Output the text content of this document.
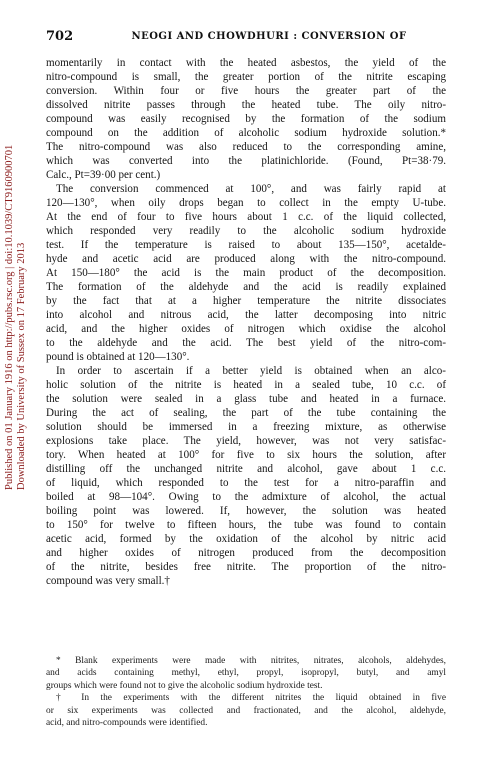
702	NEOGI AND CHOWDHURI : CONVERSION OF
Published on 01 January 1916 on http://pubs.rsc.org | doi:10.1039/CT9160900701 Downloaded by University of Sussex on 17 February 2013
momentarily in contact with the heated asbestos, the yield of the
nitro-compound is small, the greater portion of the nitrite escaping
conversion. Within four or five hours the greater part of the
dissolved nitrite passes through the heated tube. The oily nitro-
compound was easily recognised by the formation of the sodium
compound on the addition of alcoholic sodium hydroxide solution.*
The nitro-compound was also reduced to the corresponding amine,
which was converted into the platinichloride. (Found, Pt=38·79.
Calc., Pt=39·00 per cent.)
The conversion commenced at 100°, and was fairly rapid at
120—130°, when oily drops began to collect in the empty U-tube.
At the end of four to five hours about 1 c.c. of the liquid collected,
which responded very readily to the alcoholic sodium hydroxide
test. If the temperature is raised to about 135—150°, acetalde-
hyde and acetic acid are produced along with the nitro-compound.
At 150—180° the acid is the main product of the decomposition.
The formation of the aldehyde and the acid is readily explained
by the fact that at a higher temperature the nitrite dissociates
into alcohol and nitrous acid, the latter decomposing into nitric
acid, and the higher oxides of nitrogen which oxidise the alcohol
to the aldehyde and the acid. The best yield of the nitro-com-
pound is obtained at 120—130°.
In order to ascertain if a better yield is obtained when an alco-
holic solution of the nitrite is heated in a sealed tube, 10 c.c. of
the solution were sealed in a glass tube and heated in a furnace.
During the act of sealing, the part of the tube containing the
solution should be immersed in a freezing mixture, as otherwise
explosions take place. The yield, however, was not very satisfac-
tory. When heated at 100° for five to six hours the solution, after
distilling off the unchanged nitrite and alcohol, gave about 1 c.c.
of liquid, which responded to the test for a nitro-paraffin and
boiled at 98—104°. Owing to the admixture of alcohol, the actual
boiling point was lowered. If, however, the solution was heated
to 150° for twelve to fifteen hours, the tube was found to contain
acetic acid, formed by the oxidation of the alcohol by nitric acid
and higher oxides of nitrogen produced from the decomposition
of the nitrite, besides free nitrite. The proportion of the nitro-
compound was very small.†
* Blank experiments were made with nitrites, nitrates, alcohols, aldehydes,
and acids containing methyl, ethyl, propyl, isopropyl, butyl, and amyl
groups which were found not to give the alcoholic sodium hydroxide test.
† In the experiments with the different nitrites the liquid obtained in five
or six experiments was collected and fractionated, and the alcohol, aldehyde,
acid, and nitro-compounds were identified.
